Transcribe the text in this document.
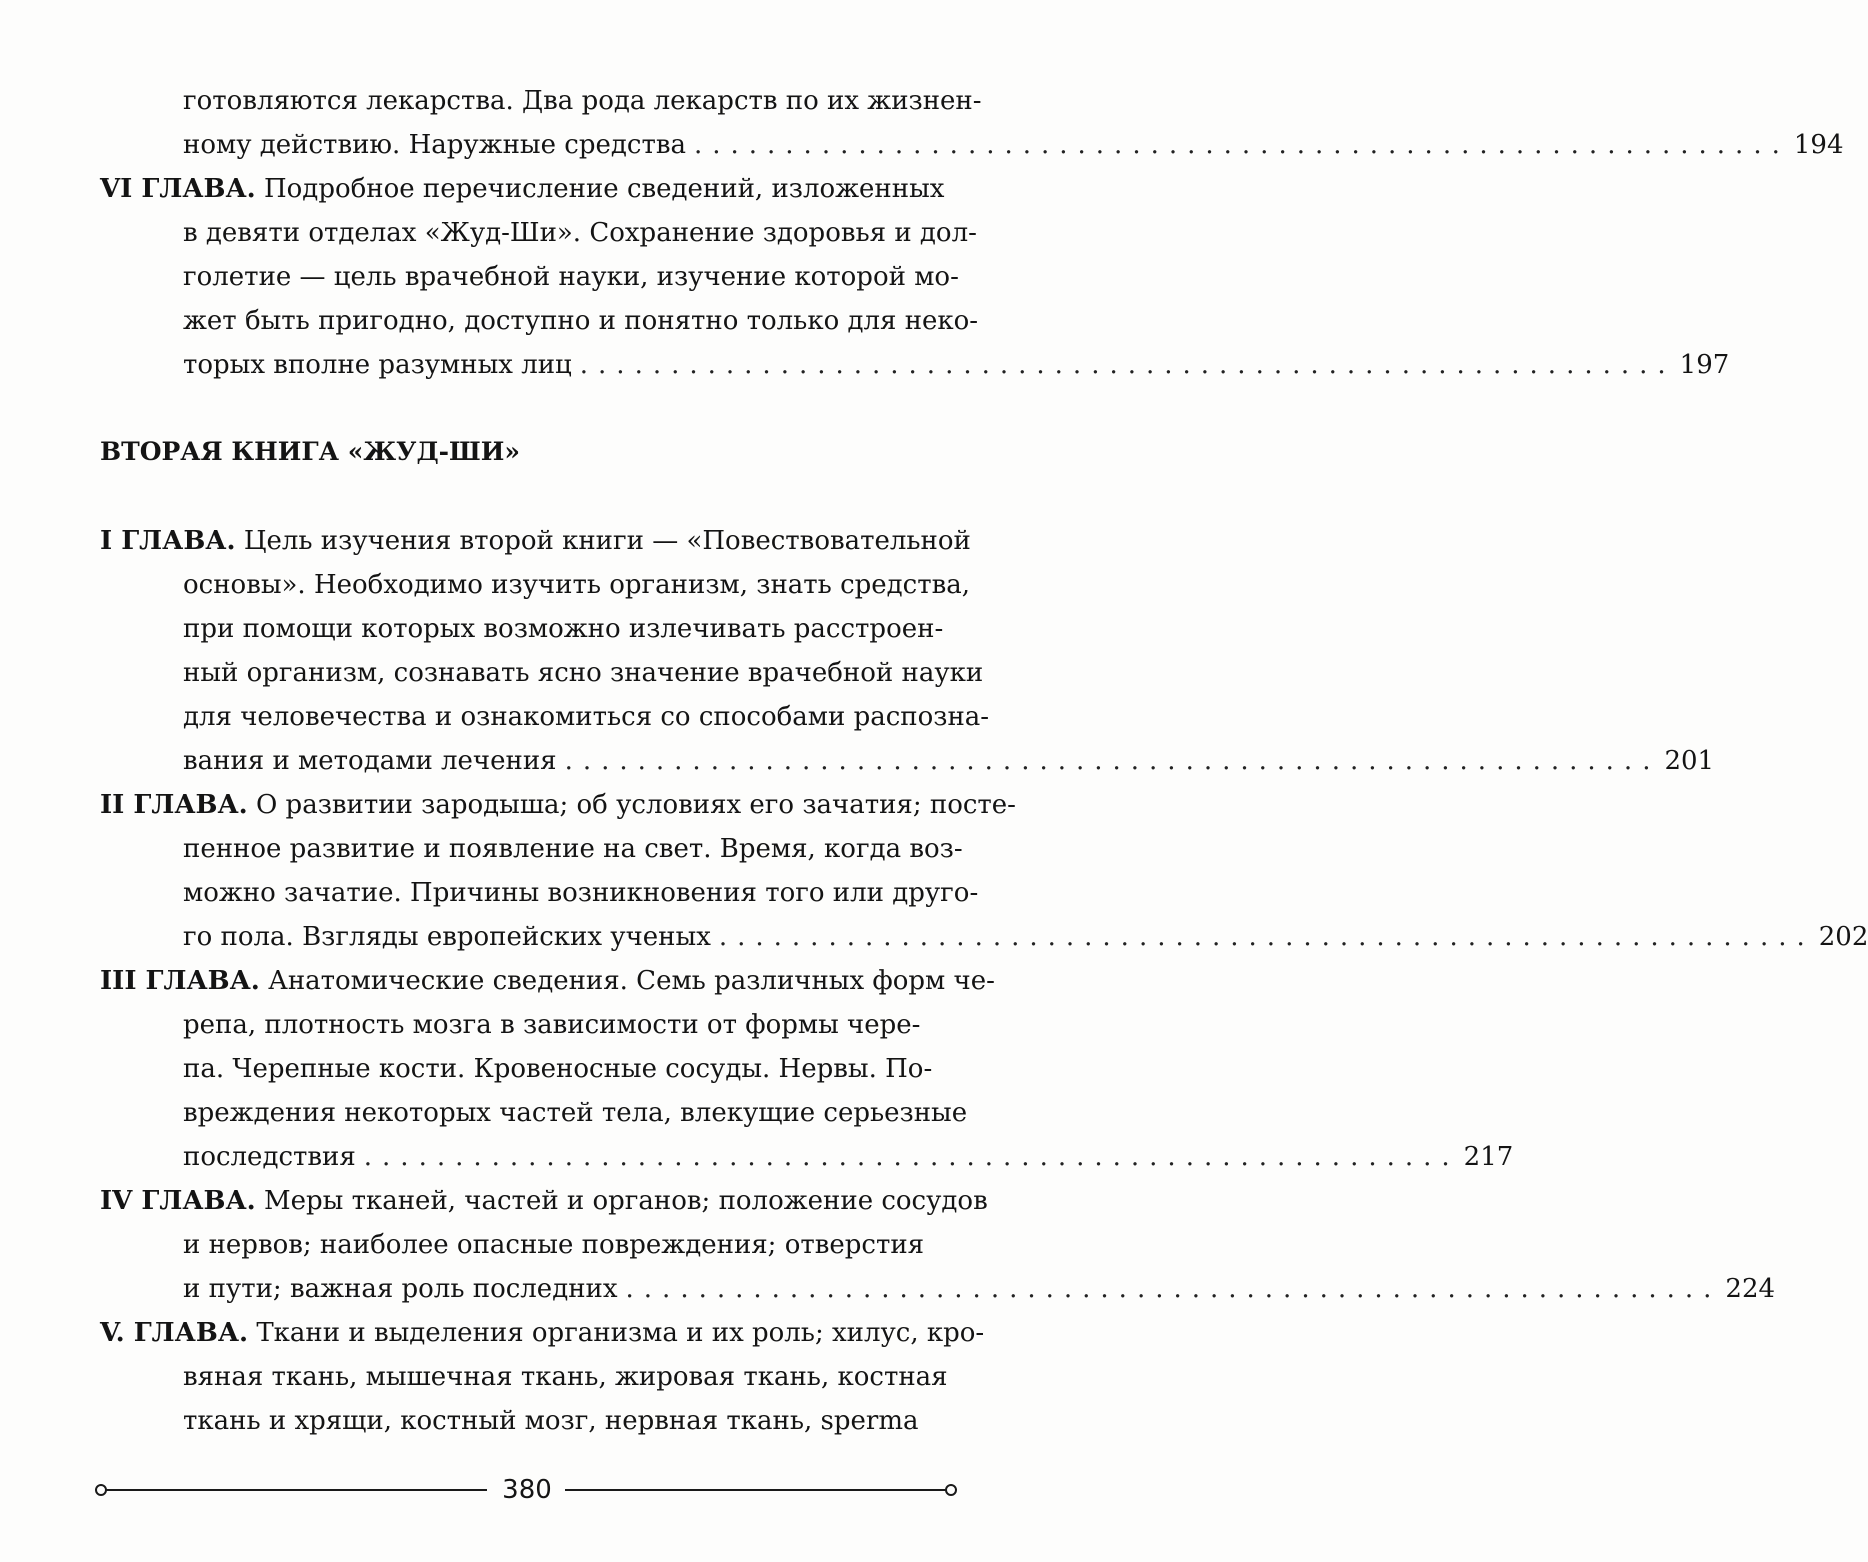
готовляются лекарства. Два рода лекарств по их жизнен-
ному действию. Наружные средства ............................................................ 194
VI ГЛАВА. Подробное перечисление сведений, изложенных
в девяти отделах «Жуд-Ши». Сохранение здоровья и дол-
голетие — цель врачебной науки, изучение которой мо-
жет быть пригодно, доступно и понятно только для неко-
торых вполне разумных лиц ............................................................ 197
I ГЛАВА. Цель изучения второй книги — «Повествовательной
основы». Необходимо изучить организм, знать средства,
при помощи которых возможно излечивать расстроен-
ный организм, сознавать ясно значение врачебной науки
для человечества и ознакомиться со способами распозна-
вания и методами лечения ............................................................ 201
II ГЛАВА. О развитии зародыша; об условиях его зачатия; посте-
пенное развитие и появление на свет. Время, когда воз-
можно зачатие. Причины возникновения того или друго-
го пола. Взгляды европейских ученых ............................................................ 202
III ГЛАВА. Анатомические сведения. Семь различных форм че-
репа, плотность мозга в зависимости от формы чере-
па. Черепные кости. Кровеносные сосуды. Нервы. По-
вреждения некоторых частей тела, влекущие серьезные
последствия ............................................................ 217
IV ГЛАВА. Меры тканей, частей и органов; положение сосудов
и нервов; наиболее опасные повреждения; отверстия
и пути; важная роль последних ............................................................ 224
V. ГЛАВА. Ткани и выделения организма и их роль; хилус, кро-
вяная ткань, мышечная ткань, жировая ткань, костная
ткань и хрящи, костный мозг, нервная ткань, sperma
ВТОРАЯ КНИГА «ЖУД-ШИ»
380
